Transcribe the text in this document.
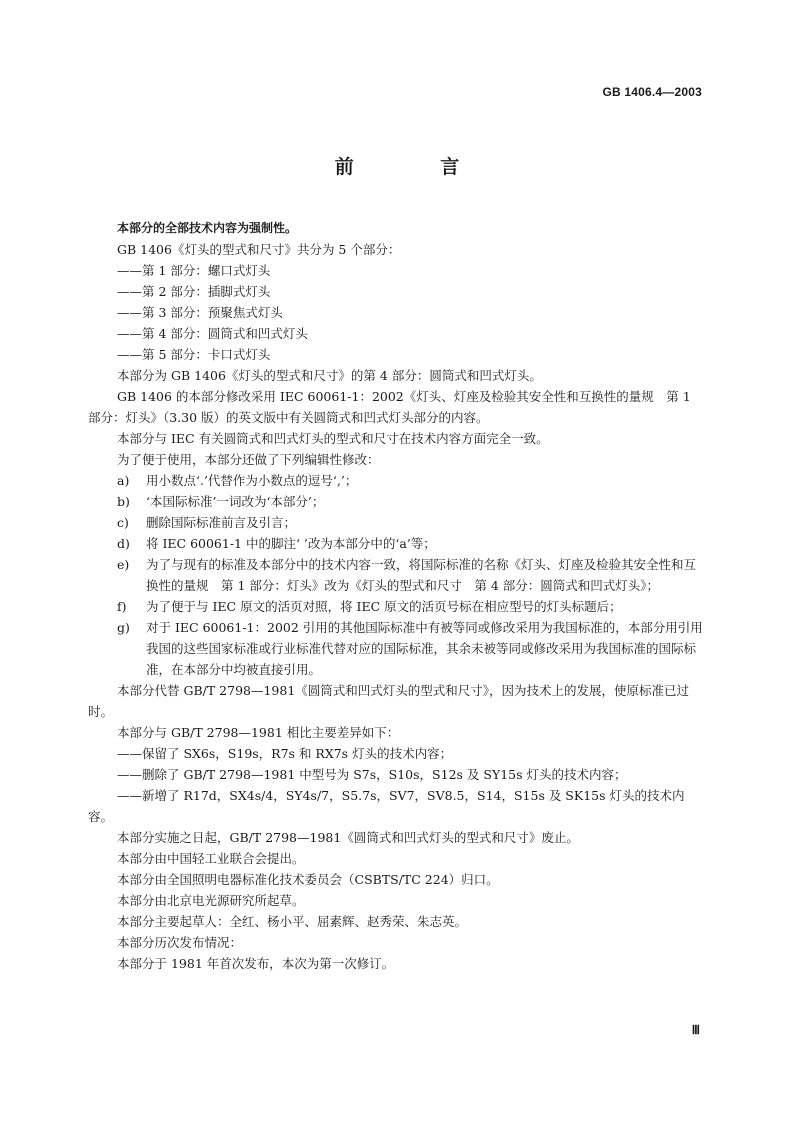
GB 1406.4—2003
前 言

本部分的全部技术内容为强制性。

GB 1406《灯头的型式和尺寸》共分为 5 个部分：

——第 1 部分：螺口式灯头

——第 2 部分：插脚式灯头

——第 3 部分：预聚焦式灯头

——第 4 部分：圆筒式和凹式灯头

——第 5 部分：卡口式灯头

本部分为 GB 1406《灯头的型式和尺寸》的第 4 部分：圆筒式和凹式灯头。

GB 1406 的本部分修改采用 IEC 60061-1：2002《灯头、灯座及检验其安全性和互换性的量规　第 1 部分：灯头》（3.30 版）的英文版中有关圆筒式和凹式灯头部分的内容。

本部分与 IEC 有关圆筒式和凹式灯头的型式和尺寸在技术内容方面完全一致。

为了便于使用，本部分还做了下列编辑性修改：

a)	用小数点‘.’代替作为小数点的逗号‘,’；
b)	‘本国际标准’一词改为‘本部分’；
c)	删除国际标准前言及引言；
d)	将 IEC 60061-1 中的脚注‘ ’改为本部分中的‘a’等；
e)	为了与现有的标准及本部分中的技术内容一致，将国际标准的名称《灯头、灯座及检验其安全性和互换性的量规　第 1 部分：灯头》改为《灯头的型式和尺寸　第 4 部分：圆筒式和凹式灯头》；
f)	为了便于与 IEC 原文的活页对照，将 IEC 原文的活页号标在相应型号的灯头标题后；
g)	对于 IEC 60061-1：2002 引用的其他国际标准中有被等同或修改采用为我国标准的，本部分用引用我国的这些国家标准或行业标准代替对应的国际标准，其余未被等同或修改采用为我国标准的国际标准，在本部分中均被直接引用。

本部分代替 GB/T 2798—1981《圆筒式和凹式灯头的型式和尺寸》，因为技术上的发展，使原标准已过时。

本部分与 GB/T 2798—1981 相比主要差异如下：

——保留了 SX6s，S19s，R7s 和 RX7s 灯头的技术内容；

——删除了 GB/T 2798—1981 中型号为 S7s，S10s，S12s 及 SY15s 灯头的技术内容；

——新增了 R17d，SX4s/4，SY4s/7，S5.7s，SV7，SV8.5，S14，S15s 及 SK15s 灯头的技术内容。

本部分实施之日起，GB/T 2798—1981《圆筒式和凹式灯头的型式和尺寸》废止。

本部分由中国轻工业联合会提出。

本部分由全国照明电器标准化技术委员会（CSBTS/TC 224）归口。

本部分由北京电光源研究所起草。

本部分主要起草人：全红、杨小平、屈素辉、赵秀荣、朱志英。

本部分历次发布情况：

本部分于 1981 年首次发布，本次为第一次修订。

Ⅲ
